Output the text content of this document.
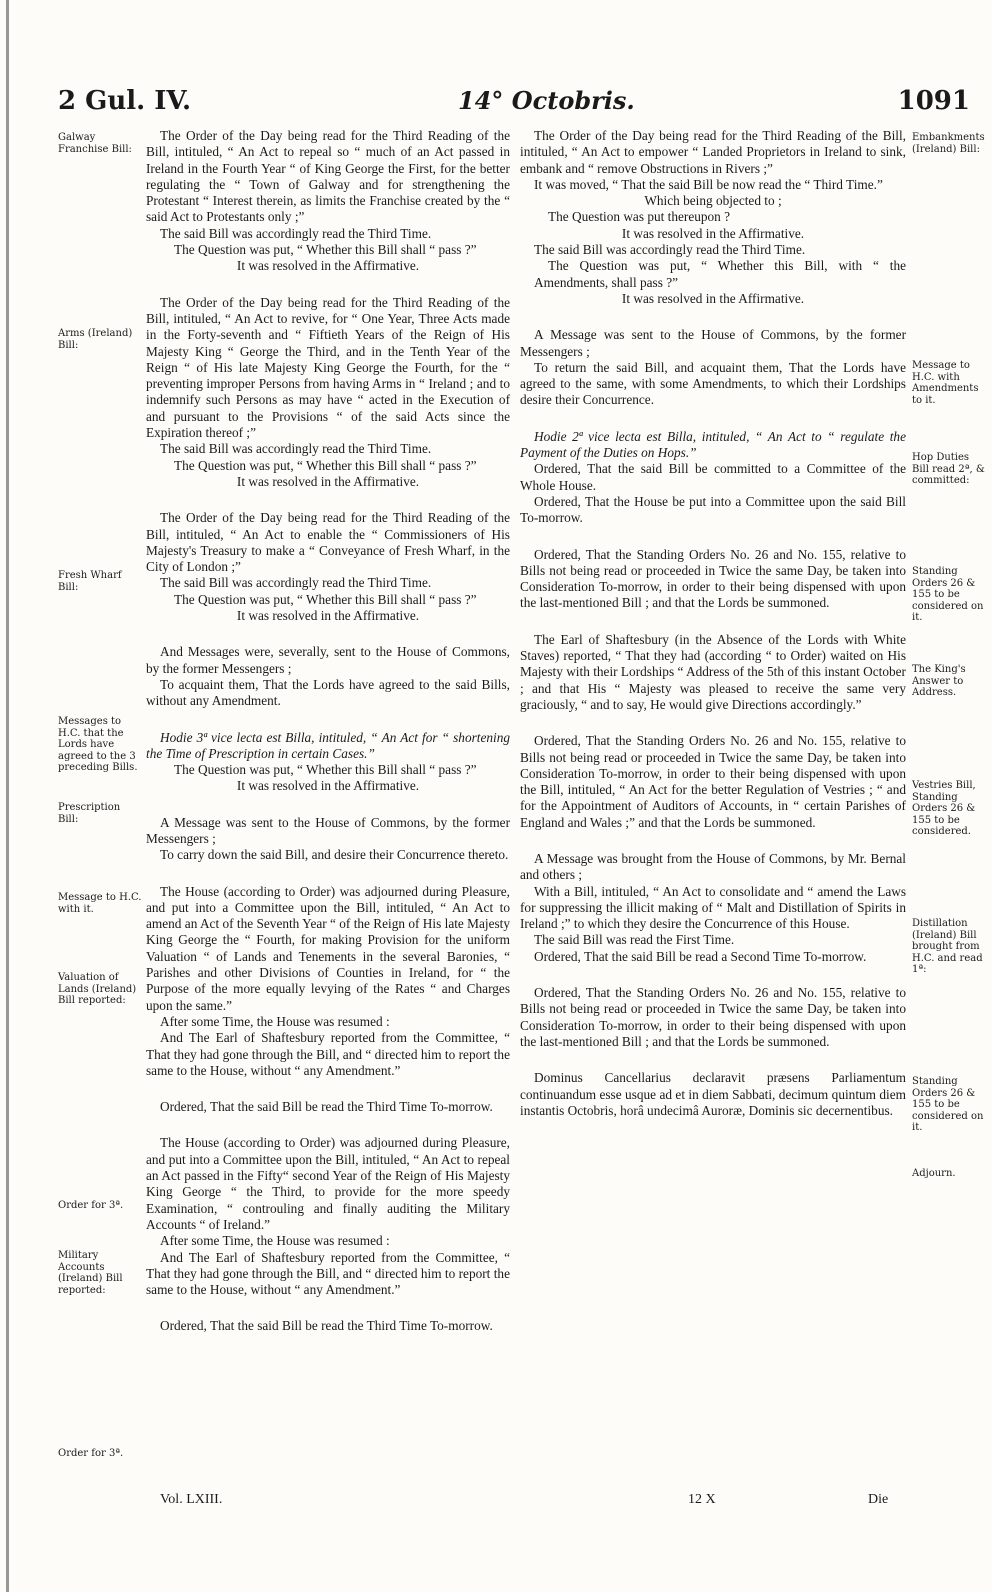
2 Gul. IV.	14° Octobris.	1091
Galway Franchise Bill:
Arms (Ireland) Bill:
Fresh Wharf Bill:
Messages to H.C. that the Lords have agreed to the 3 preceding Bills.
Prescription Bill:
Message to H.C. with it.
Valuation of Lands (Ireland) Bill reported:
Order for 3ª.
Military Accounts (Ireland) Bill reported:
Order for 3ª.
Embankments (Ireland) Bill:
Message to H.C. with Amendments to it.
Hop Duties Bill read 2ª, & committed:
Standing Orders 26 & 155 to be considered on it.
The King's Answer to Address.
Vestries Bill, Standing Orders 26 & 155 to be considered.
Distillation (Ireland) Bill brought from H.C. and read 1ª:
Standing Orders 26 & 155 to be considered on it.
Adjourn.

The Order of the Day being read for the Third Reading of the Bill, intituled, “ An Act to repeal so “ much of an Act passed in Ireland in the Fourth Year “ of King George the First, for the better regulating the “ Town of Galway and for strengthening the Protestant “ Interest therein, as limits the Franchise created by the “ said Act to Protestants only ;”

The said Bill was accordingly read the Third Time.

The Question was put, “ Whether this Bill shall “ pass ?”

It was resolved in the Affirmative.

The Order of the Day being read for the Third Reading of the Bill, intituled, “ An Act to revive, for “ One Year, Three Acts made in the Forty-seventh and “ Fiftieth Years of the Reign of His Majesty King “ George the Third, and in the Tenth Year of the Reign “ of His late Majesty King George the Fourth, for the “ preventing improper Persons from having Arms in “ Ireland ; and to indemnify such Persons as may have “ acted in the Execution of and pursuant to the Provisions “ of the said Acts since the Expiration thereof ;”

The said Bill was accordingly read the Third Time.

The Question was put, “ Whether this Bill shall “ pass ?”

It was resolved in the Affirmative.

The Order of the Day being read for the Third Reading of the Bill, intituled, “ An Act to enable the “ Commissioners of His Majesty's Treasury to make a “ Conveyance of Fresh Wharf, in the City of London ;”

The said Bill was accordingly read the Third Time.

The Question was put, “ Whether this Bill shall “ pass ?”

It was resolved in the Affirmative.

And Messages were, severally, sent to the House of Commons, by the former Messengers ;

To acquaint them, That the Lords have agreed to the said Bills, without any Amendment.

Hodie 3ª vice lecta est Billa, intituled, “ An Act for “ shortening the Time of Prescription in certain Cases.”

The Question was put, “ Whether this Bill shall “ pass ?”

It was resolved in the Affirmative.

A Message was sent to the House of Commons, by the former Messengers ;

To carry down the said Bill, and desire their Concurrence thereto.

The House (according to Order) was adjourned during Pleasure, and put into a Committee upon the Bill, intituled, “ An Act to amend an Act of the Seventh Year “ of the Reign of His late Majesty King George the “ Fourth, for making Provision for the uniform Valuation “ of Lands and Tenements in the several Baronies, “ Parishes and other Divisions of Counties in Ireland, for “ the Purpose of the more equally levying of the Rates “ and Charges upon the same.”

After some Time, the House was resumed :

And The Earl of Shaftesbury reported from the Committee, “ That they had gone through the Bill, and “ directed him to report the same to the House, without “ any Amendment.”

Ordered, That the said Bill be read the Third Time To-morrow.

The House (according to Order) was adjourned during Pleasure, and put into a Committee upon the Bill, intituled, “ An Act to repeal an Act passed in the Fifty“ second Year of the Reign of His Majesty King George “ the Third, to provide for the more speedy Examination, “ controuling and finally auditing the Military Accounts “ of Ireland.”

After some Time, the House was resumed :

And The Earl of Shaftesbury reported from the Committee, “ That they had gone through the Bill, and “ directed him to report the same to the House, without “ any Amendment.”

Ordered, That the said Bill be read the Third Time To-morrow.

The Order of the Day being read for the Third Reading of the Bill, intituled, “ An Act to empower “ Landed Proprietors in Ireland to sink, embank and “ remove Obstructions in Rivers ;”

It was moved, “ That the said Bill be now read the “ Third Time.”

Which being objected to ;

The Question was put thereupon ?

It was resolved in the Affirmative.

The said Bill was accordingly read the Third Time.

The Question was put, “ Whether this Bill, with “ the Amendments, shall pass ?”

It was resolved in the Affirmative.

A Message was sent to the House of Commons, by the former Messengers ;

To return the said Bill, and acquaint them, That the Lords have agreed to the same, with some Amendments, to which their Lordships desire their Concurrence.

Hodie 2ª vice lecta est Billa, intituled, “ An Act to “ regulate the Payment of the Duties on Hops.”

Ordered, That the said Bill be committed to a Committee of the Whole House.

Ordered, That the House be put into a Committee upon the said Bill To-morrow.

Ordered, That the Standing Orders No. 26 and No. 155, relative to Bills not being read or proceeded in Twice the same Day, be taken into Consideration To-morrow, in order to their being dispensed with upon the last-mentioned Bill ; and that the Lords be summoned.

The Earl of Shaftesbury (in the Absence of the Lords with White Staves) reported, “ That they had (according “ to Order) waited on His Majesty with their Lordships “ Address of the 5th of this instant October ; and that His “ Majesty was pleased to receive the same very graciously, “ and to say, He would give Directions accordingly.”

Ordered, That the Standing Orders No. 26 and No. 155, relative to Bills not being read or proceeded in Twice the same Day, be taken into Consideration To-morrow, in order to their being dispensed with upon the Bill, intituled, “ An Act for the better Regulation of Vestries ; “ and for the Appointment of Auditors of Accounts, in “ certain Parishes of England and Wales ;” and that the Lords be summoned.

A Message was brought from the House of Commons, by Mr. Bernal and others ;

With a Bill, intituled, “ An Act to consolidate and “ amend the Laws for suppressing the illicit making of “ Malt and Distillation of Spirits in Ireland ;” to which they desire the Concurrence of this House.

The said Bill was read the First Time.

Ordered, That the said Bill be read a Second Time To-morrow.

Ordered, That the Standing Orders No. 26 and No. 155, relative to Bills not being read or proceeded in Twice the same Day, be taken into Consideration To-morrow, in order to their being dispensed with upon the last-mentioned Bill ; and that the Lords be summoned.

Dominus Cancellarius declaravit præsens Parliamentum continuandum esse usque ad et in diem Sabbati, decimum quintum diem instantis Octobris, horâ undecimâ Auroræ, Dominis sic decernentibus.

Vol. LXIII.	12 X	Die
